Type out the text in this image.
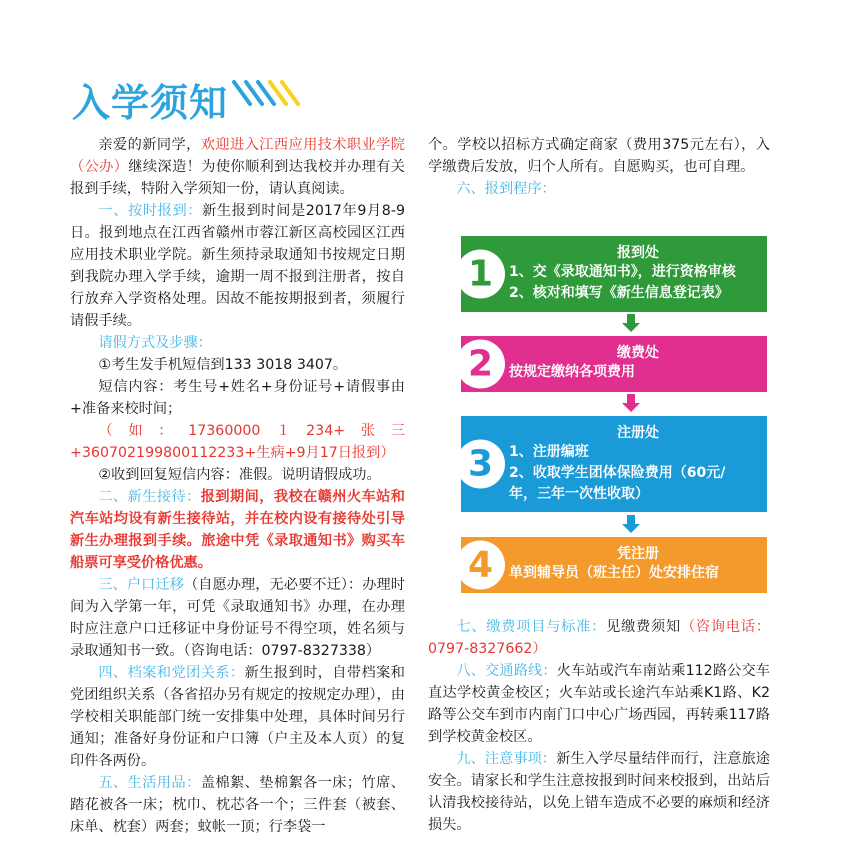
入学须知

亲爱的新同学，欢迎进入江西应用技术职业学院（公办）继续深造！为使你顺利到达我校并办理有关报到手续，特附入学须知一份，请认真阅读。

一、按时报到：新生报到时间是2017年9月8-9日。报到地点在江西省赣州市蓉江新区高校园区江西应用技术职业学院。新生须持录取通知书按规定日期到我院办理入学手续，逾期一周不报到注册者，按自行放弃入学资格处理。因故不能按期报到者，须履行请假手续。

请假方式及步骤：

①考生发手机短信到133 3018 3407。

短信内容：考生号+姓名+身份证号+请假事由+准备来校时间；

（如：17360000１234+张三+360702199800112233+生病+9月17日报到）

②收到回复短信内容：准假。说明请假成功。

二、新生接待：报到期间，我校在赣州火车站和汽车站均设有新生接待站，并在校内设有接待处引导新生办理报到手续。旅途中凭《录取通知书》购买车船票可享受价格优惠。

三、户口迁移（自愿办理，无必要不迁）：办理时间为入学第一年，可凭《录取通知书》办理，在办理时应注意户口迁移证中身份证号不得空项，姓名须与录取通知书一致。（咨询电话：0797-8327338）

四、档案和党团关系：新生报到时，自带档案和党团组织关系（各省招办另有规定的按规定办理），由学校相关职能部门统一安排集中处理，具体时间另行通知；准备好身份证和户口簿（户主及本人页）的复印件各两份。

五、生活用品：盖棉絮、垫棉絮各一床；竹席、踏花被各一床；枕巾、枕芯各一个；三件套（被套、床单、枕套）两套；蚊帐一顶；行李袋一

个。学校以招标方式确定商家（费用375元左右），入学缴费后发放，归个人所有。自愿购买，也可自理。

六、报到程序：

1
报到处
1、交《录取通知书》，进行资格审核
2、核对和填写《新生信息登记表》
2	缴费处
按规定缴纳各项费用
3
注册处
1、注册编班
2、收取学生团体保险费用（60元/
年，三年一次性收取）
4	凭注册
单到辅导员（班主任）处安排住宿

七、缴费项目与标准：见缴费须知（咨询电话：0797-8327662）

八、交通路线：火车站或汽车南站乘112路公交车直达学校黄金校区；火车站或长途汽车站乘K1路、K2路等公交车到市内南门口中心广场西园，再转乘117路到学校黄金校区。

九、注意事项：新生入学尽量结伴而行，注意旅途安全。请家长和学生注意按报到时间来校报到，出站后认清我校接待站，以免上错车造成不必要的麻烦和经济损失。
